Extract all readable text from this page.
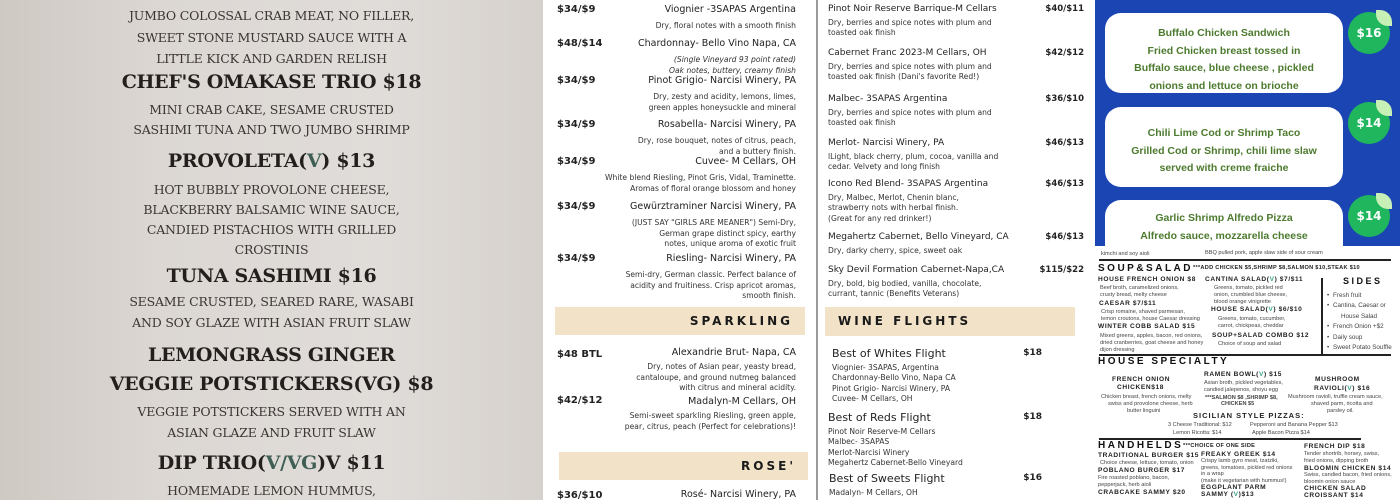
JUMBO COLOSSAL CRAB MEAT, NO FILLER,
SWEET STONE MUSTARD SAUCE WITH A
LITTLE KICK AND GARDEN RELISH
CHEF'S OMAKASE TRIO $18
MINI CRAB CAKE, SESAME CRUSTED
SASHIMI TUNA AND TWO JUMBO SHRIMP
PROVOLETA(V) $13
HOT BUBBLY PROVOLONE CHEESE,
BLACKBERRY BALSAMIC WINE SAUCE,
CANDIED PISTACHIOS WITH GRILLED
CROSTINIS
TUNA SASHIMI $16
SESAME CRUSTED, SEARED RARE, WASABI
AND SOY GLAZE WITH ASIAN FRUIT SLAW
LEMONGRASS GINGER
VEGGIE POTSTICKERS(VG) $8
VEGGIE POTSTICKERS SERVED WITH AN
ASIAN GLAZE AND FRUIT SLAW
DIP TRIO(V/VG)V $11
HOMEMADE LEMON HUMMUS,
$34/$9	Viognier -3SAPAS Argentina
Dry, floral notes with a smooth finish
$48/$14	Chardonnay- Bello Vino Napa, CA
(Single Vineyard 93 point rated)
Oak notes, buttery, creamy finish
$34/$9	Pinot Grigio- Narcisi Winery, PA
Dry, zesty and acidity, lemons, limes,
green apples honeysuckle and mineral
$34/$9	Rosabella- Narcisi Winery, PA
Dry, rose bouquet, notes of citrus, peach,
and a buttery finish.
$34/$9	Cuvee- M Cellars, OH
White blend Riesling, Pinot Gris, Vidal, Traminette.
Aromas of floral orange blossom and honey
$34/$9	Gewürztraminer Narcisi Winery, PA
(JUST SAY "GIRLS ARE MEANER") Semi-Dry,
German grape distinct spicy, earthy
notes, unique aroma of exotic fruit
$34/$9	Riesling- Narcisi Winery, PA
Semi-dry, German classic. Perfect balance of
acidity and fruitiness. Crisp apricot aromas,
smooth finish.
$48 BTL	Alexandrie Brut- Napa, CA
Dry, notes of Asian pear, yeasty bread,
cantaloupe, and ground nutmeg balanced
with citrus and mineral acidity.
$42/$12	Madalyn-M Cellars, OH
Semi-sweet sparkling Riesling, green apple,
pear, citrus, peach (Perfect for celebrations)!
SPARKLING
ROSE'
$36/$10	Rosé- Narcisi Winery, PA
Pinot Noir Reserve Barrique-M Cellars	$40/$11
Dry, berries and spice notes with plum and
toasted oak finish
Cabernet Franc 2023-M Cellars, OH	$42/$12
Dry, berries and spice notes with plum and
toasted oak finish (Dani's favorite Red!)
Malbec- 3SAPAS Argentina	$36/$10
Dry, berries and spice notes with plum and
toasted oak finish
Merlot- Narcisi Winery, PA	$46/$13
lLight, black cherry, plum, cocoa, vanilla and
cedar. Velvety and long finish
Icono Red Blend- 3SAPAS Argentina	$46/$13
Dry, Malbec, Merlot, Chenin blanc,
strawberry nots with herbal finish.
(Great for any red drinker!)
Megahertz Cabernet, Bello Vineyard, CA	$46/$13
Dry, darky cherry, spice, sweet oak
Sky Devil Formation Cabernet-Napa,CA	$115/$22
Dry, bold, big bodied, vanilla, chocolate,
currant, tannic (Benefits Veterans)
WINE FLIGHTS
Best of Whites Flight	$18
Viognier- 3SAPAS, Argentina
Chardonnay-Bello Vino, Napa CA
Pinot Grigio- Narcisi Winery, PA
Cuvee- M Cellars, OH
Best of Reds Flight	$18
Pinot Noir Reserve-M Cellars
Malbec- 3SAPAS
Merlot-Narcisi Winery
Megahertz Cabernet-Bello Vineyard
Best of Sweets Flight	$16
Madalyn- M Cellars, OH
Buffalo Chicken Sandwich
Fried Chicken breast tossed in
Buffalo sauce, blue cheese , pickled
onions and lettuce on brioche
$16
Chili Lime Cod or Shrimp Taco
Grilled Cod or Shrimp, chili lime slaw
served with creme fraiche
$14
Garlic Shrimp Alfredo Pizza
Alfredo sauce, mozzarella cheese
$14
kimchi and soy aioli	BBQ pulled pork, apple slaw side of sour cream
SOUP&SALAD ***ADD CHICKEN $5,SHRIMP $8,SALMON $10,STEAK $10
HOUSE FRENCH ONION $8
Beef broth, caramelized onions,
crusty bread, melty cheese
CAESAR $7/$11
Crisp romaine, shaved parmesan,
lemon croutons, house Caesar dressing
WINTER COBB SALAD $15
Mixed greens, apples, bacon, red onions,
dried cranberries, goat cheese and honey
dijon dressing
CANTINA SALAD(V) $7/$11
Greens, tomato, pickled red
onion, crumbled blue cheese,
blood orange vinigrette
HOUSE SALAD(V) $6/$10
Greens, tomato, cucumber,
carrot, chickpeas, cheddar
SOUP+SALAD COMBO $12
Choice of soup and salad
SIDES
HOUSE SPECIALTY
FRENCH ONION
CHICKEN$18
Chicken breast, french onions, melty
swiss and provolone cheese, herb
butter linguini
RAMEN BOWL(V) $15
Asian broth, pickled vegetables,
candied jalepenos, shoyu egg
***SALMON $8 ,SHRIMP $8,
CHICKEN $5
MUSHROOM
RAVIOLI(V) $16
Mushroom ravioli, truffle cream sauce,
shaved parm, ricotta and
parsley oil.
SICILIAN STYLE PIZZAS:
3 Cheese Traditional: $12	Pepperoni and Banana Pepper $13
Lemon Ricotta: $14	Apple Bacon Pizza $14
HANDHELDS ***CHOICE OF ONE SIDE
TRADITIONAL BURGER $15
Choice cheese, lettuce, tomato, onion
POBLANO BURGER $17
Fire roasted poblano, bacon,
pepperjack, herb aioli
CRABCAKE SAMMY $20
FREAKY GREEK $14
Crispy lamb gyro meat, tzatziki,
greens, tomatoes, pickled red onions
in a wrap
(make it vegetarian with hummus!)
EGGPLANT PARM
SAMMY (V)$13
FRENCH DIP $18
Tender shortrib, horsey, swiss,
fried onions, dipping broth
BLOOMIN CHICKEN $14
Swiss, candied bacon, fried onions,
bloomin onion sauce
CHICKEN SALAD
CROISSANT $14
• Fresh fruit
• Cantina, Caesar or
House Salad
• French Onion +$2
• Daily soup
• Sweet Potato Souffle
